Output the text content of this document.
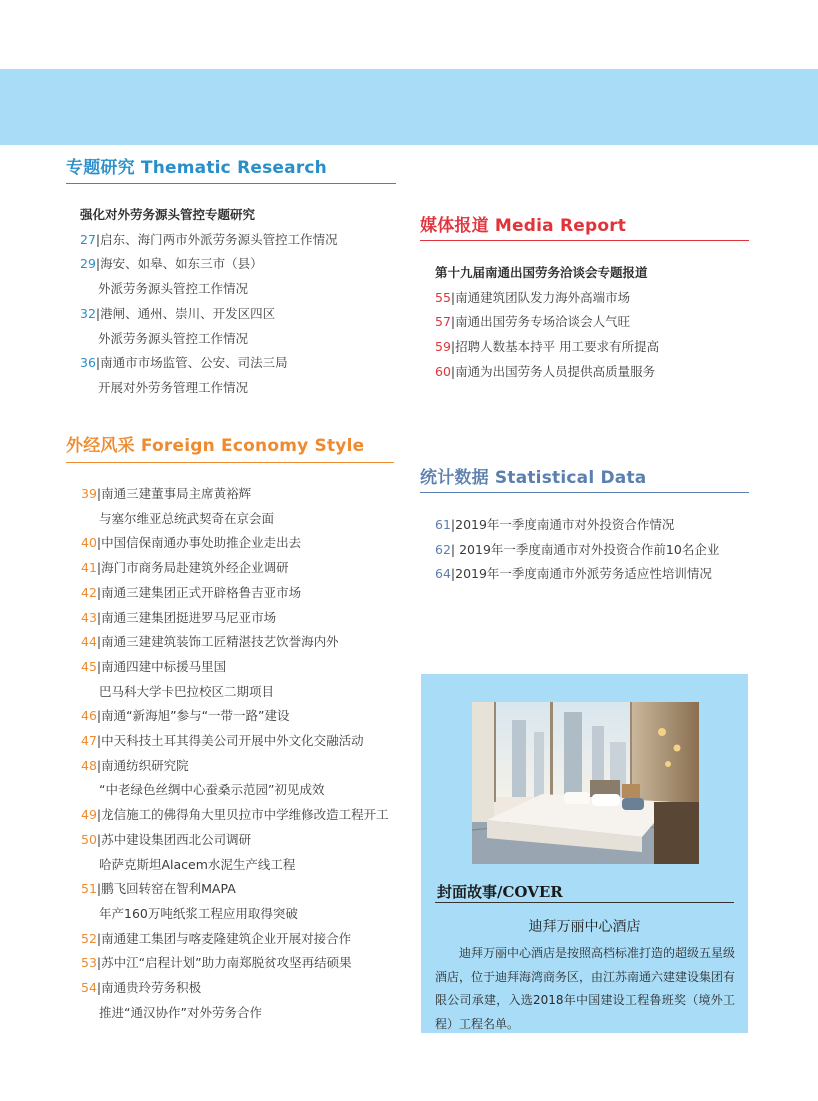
专题研究 Thematic Research
强化对外劳务源头管控专题研究
27|启东、海门两市外派劳务源头管控工作情况
29|海安、如皋、如东三市（县）
外派劳务源头管控工作情况
32|港闸、通州、崇川、开发区四区
外派劳务源头管控工作情况
36|南通市市场监管、公安、司法三局
开展对外劳务管理工作情况
外经风采 Foreign Economy Style
39|南通三建董事局主席黄裕辉
与塞尔维亚总统武契奇在京会面
40|中国信保南通办事处助推企业走出去
41|海门市商务局赴建筑外经企业调研
42|南通三建集团正式开辟格鲁吉亚市场
43|南通三建集团挺进罗马尼亚市场
44|南通三建建筑装饰工匠精湛技艺饮誉海内外
45|南通四建中标援马里国
巴马科大学卡巴拉校区二期项目
46|南通“新海旭”参与“一带一路”建设
47|中天科技土耳其得美公司开展中外文化交融活动
48|南通纺织研究院
“中老绿色丝绸中心蚕桑示范园”初见成效
49|龙信施工的佛得角大里贝拉市中学维修改造工程开工
50|苏中建设集团西北公司调研
哈萨克斯坦Alacem水泥生产线工程
51|鹏飞回转窑在智利MAPA
年产160万吨纸浆工程应用取得突破
52|南通建工集团与喀麦隆建筑企业开展对接合作
53|苏中江“启程计划”助力南郑脱贫攻坚再结硕果
54|南通贵玲劳务积极
推进“通汉协作”对外劳务合作
媒体报道 Media Report
第十九届南通出国劳务洽谈会专题报道
55|南通建筑团队发力海外高端市场
57|南通出国劳务专场洽谈会人气旺
59|招聘人数基本持平 用工要求有所提高
60|南通为出国劳务人员提供高质量服务
统计数据 Statistical Data
61|2019年一季度南通市对外投资合作情况
62| 2019年一季度南通市对外投资合作前10名企业
64|2019年一季度南通市外派劳务适应性培训情况
封面故事/COVER
迪拜万丽中心酒店
迪拜万丽中心酒店是按照高档标准打造的超级五星级酒店，位于迪拜海湾商务区，由江苏南通六建建设集团有限公司承建，入选2018年中国建设工程鲁班奖（境外工程）工程名单。
